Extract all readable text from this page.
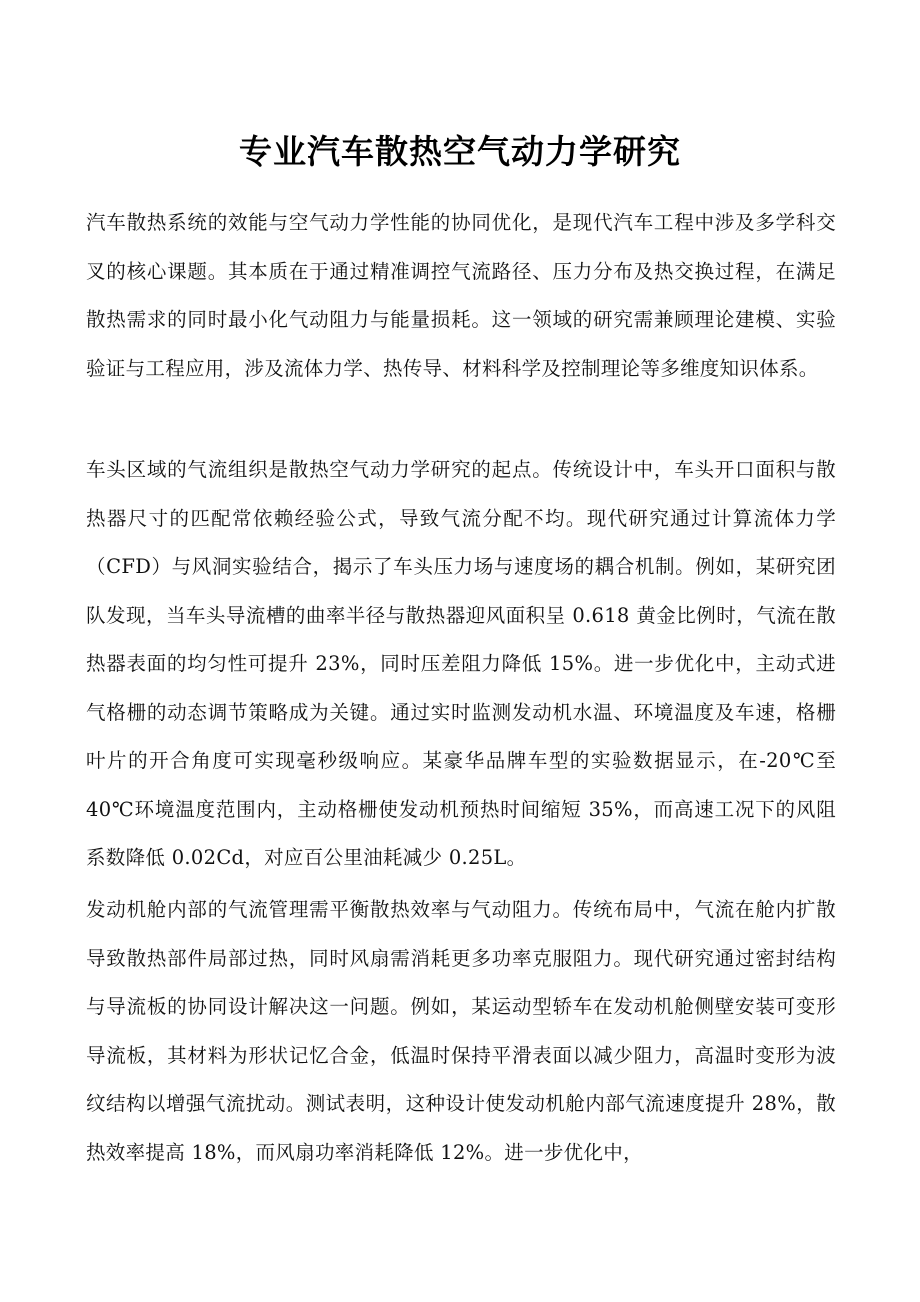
专业汽车散热空气动力学研究

汽车散热系统的效能与空气动力学性能的协同优化，是现代汽车工程中涉及多学科交叉的核心课题。其本质在于通过精准调控气流路径、压力分布及热交换过程，在满足散热需求的同时最小化气动阻力与能量损耗。这一领域的研究需兼顾理论建模、实验验证与工程应用，涉及流体力学、热传导、材料科学及控制理论等多维度知识体系。

车头区域的气流组织是散热空气动力学研究的起点。传统设计中，车头开口面积与散热器尺寸的匹配常依赖经验公式，导致气流分配不均。现代研究通过计算流体力学（CFD）与风洞实验结合，揭示了车头压力场与速度场的耦合机制。例如，某研究团队发现，当车头导流槽的曲率半径与散热器迎风面积呈 0.618 黄金比例时，气流在散热器表面的均匀性可提升 23%，同时压差阻力降低 15%。进一步优化中，主动式进气格栅的动态调节策略成为关键。通过实时监测发动机水温、环境温度及车速，格栅叶片的开合角度可实现毫秒级响应。某豪华品牌车型的实验数据显示，在-20℃至 40℃环境温度范围内，主动格栅使发动机预热时间缩短 35%，而高速工况下的风阻系数降低 0.02Cd，对应百公里油耗减少 0.25L。

发动机舱内部的气流管理需平衡散热效率与气动阻力。传统布局中，气流在舱内扩散导致散热部件局部过热，同时风扇需消耗更多功率克服阻力。现代研究通过密封结构与导流板的协同设计解决这一问题。例如，某运动型轿车在发动机舱侧壁安装可变形导流板，其材料为形状记忆合金，低温时保持平滑表面以减少阻力，高温时变形为波纹结构以增强气流扰动。测试表明，这种设计使发动机舱内部气流速度提升 28%，散热效率提高 18%，而风扇功率消耗降低 12%。进一步优化中，
